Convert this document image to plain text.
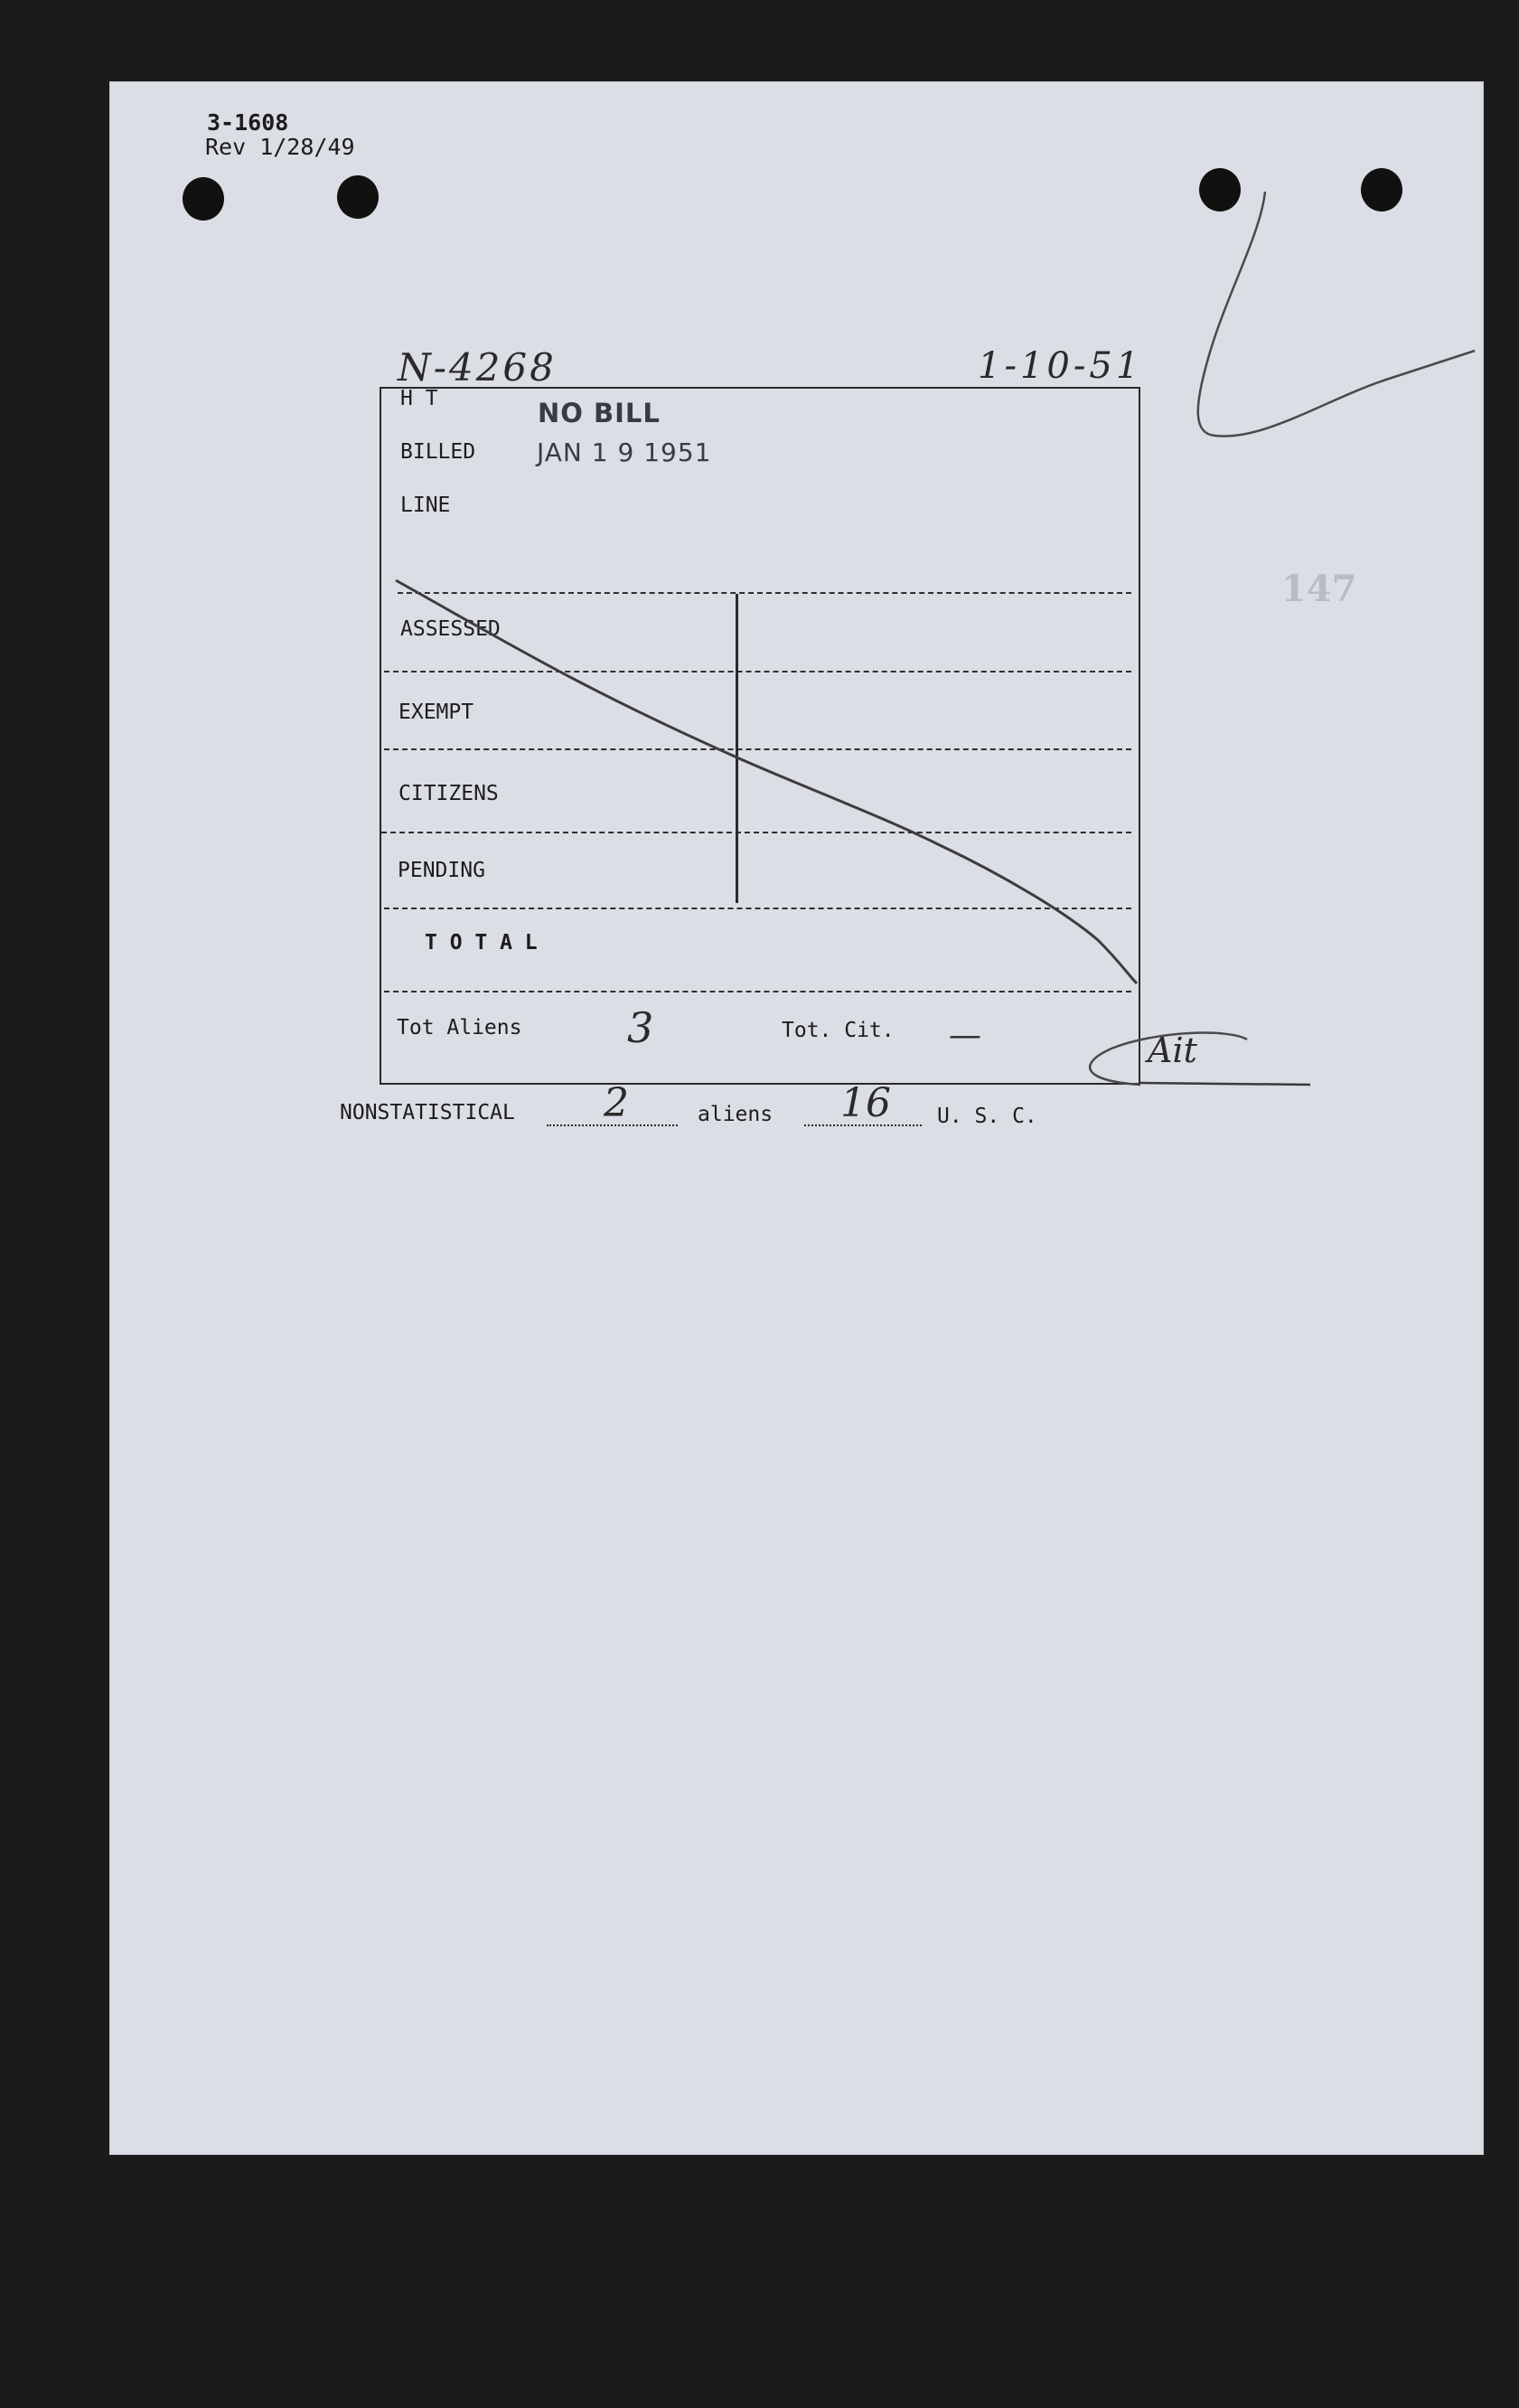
3-1608
Rev 1/28/49
N-4268	1-10-51
147
NO BILL
JAN 1 9 1951
H T
BILLED
LINE
ASSESSED
EXEMPT
CITIZENS
PENDING
T O T A L
Tot Aliens	3	Tot. Cit. —	Ait
NONSTATISTICAL 2	aliens 16 U. S. C.
